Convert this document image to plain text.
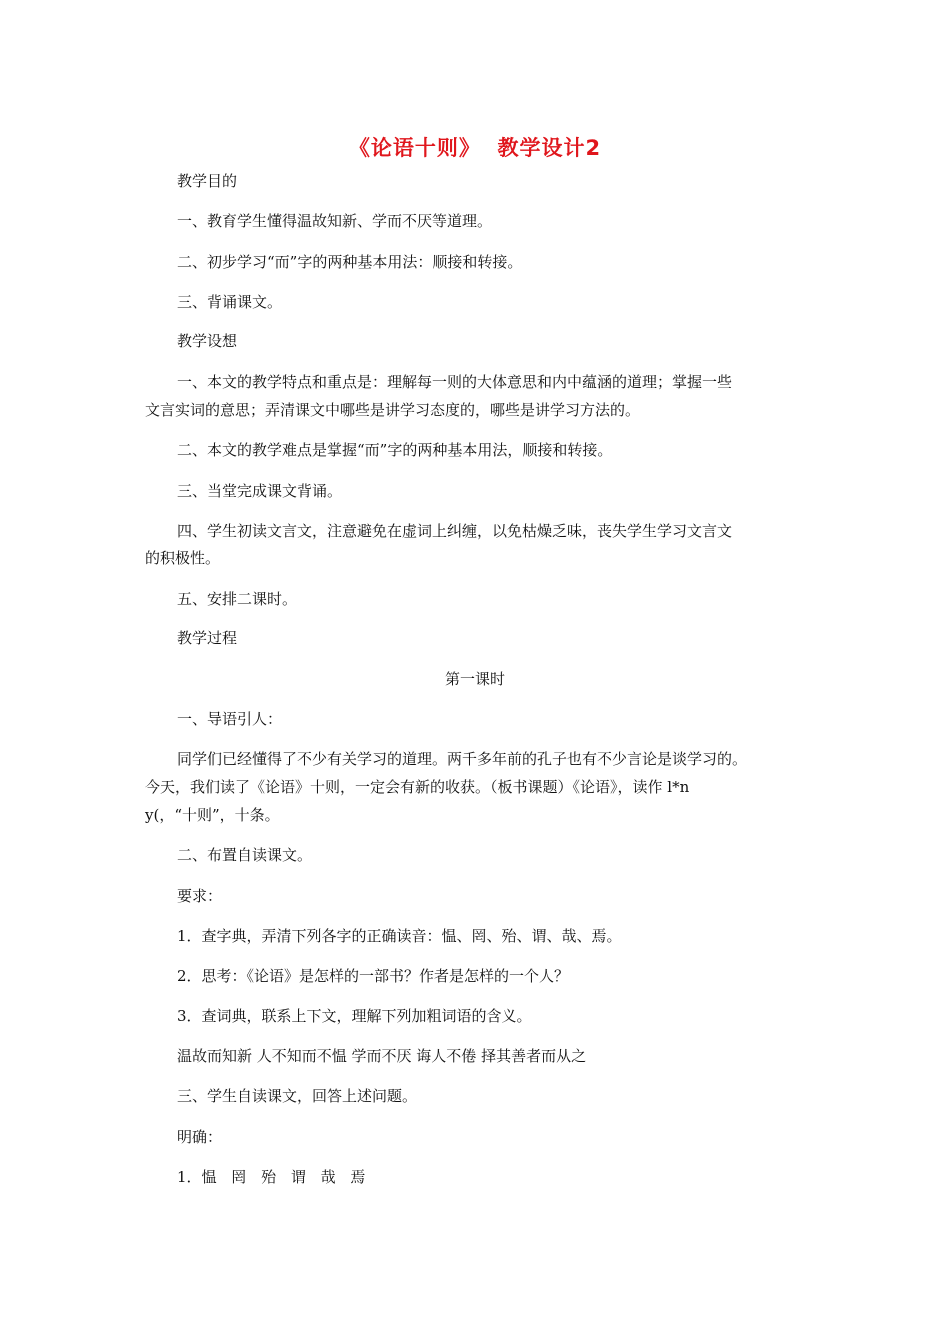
《论语十则》  教学设计2
教学目的
一、教育学生懂得温故知新、学而不厌等道理。
二、初步学习“而”字的两种基本用法：顺接和转接。
三、背诵课文。
教学设想
一、本文的教学特点和重点是：理解每一则的大体意思和内中蕴涵的道理；掌握一些
文言实词的意思；弄清课文中哪些是讲学习态度的，哪些是讲学习方法的。
二、本文的教学难点是掌握“而”字的两种基本用法，顺接和转接。
三、当堂完成课文背诵。
四、学生初读文言文，注意避免在虚词上纠缠，以免枯燥乏味，丧失学生学习文言文
的积极性。
五、安排二课时。
教学过程
第一课时
一、导语引人：
同学们已经懂得了不少有关学习的道理。两千多年前的孔子也有不少言论是谈学习的。
今天，我们读了《论语》十则，一定会有新的收获。（板书课题）《论语》，读作 l*n
y(，“十则”，十条。
二、布置自读课文。
要求：
1．查字典，弄清下列各字的正确读音：愠、罔、殆、谓、哉、焉。
2．思考：《论语》是怎样的一部书？作者是怎样的一个人？
3．查词典，联系上下文，理解下列加粗词语的含义。
温故而知新 人不知而不愠 学而不厌 诲人不倦 择其善者而从之
三、学生自读课文，回答上述问题。
明确：
1．愠 罔 殆 谓 哉 焉
